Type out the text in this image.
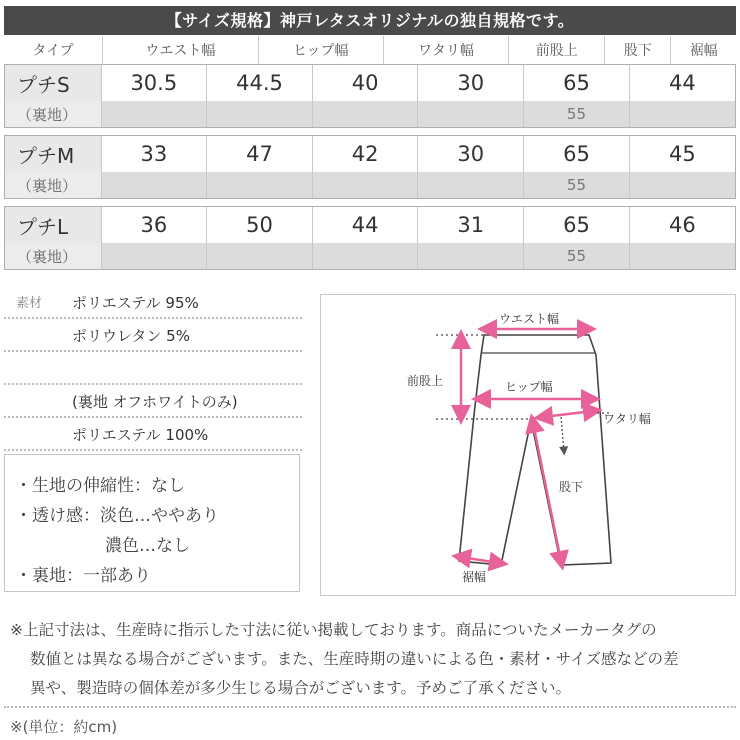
【サイズ規格】神戸レタスオリジナルの独自規格です。
タイプ	ウエスト幅	ヒップ幅	ワタリ幅	前股上	股下	裾幅
プチS	30.5	44.5	40	30	65	44
（裏地）					55	
プチM	33	47	42	30	65	45
（裏地）					55	
プチL	36	50	44	31	65	46
（裏地）					55	
素材 ポリエステル 95%
ポリウレタン 5%
(裏地 オフホワイトのみ)
ポリエステル 100%
・生地の伸縮性：なし
・透け感：淡色…ややあり
濃色…なし
・裏地：一部あり
ウエスト幅
前股上	ヒップ幅
ワタリ幅
股下
裾幅
※上記寸法は、生産時に指示した寸法に従い掲載しております。商品についたメーカータグの
数値とは異なる場合がございます。また、生産時期の違いによる色・素材・サイズ感などの差
異や、製造時の個体差が多少生じる場合がございます。予めご了承ください。
※(単位：約cm)
